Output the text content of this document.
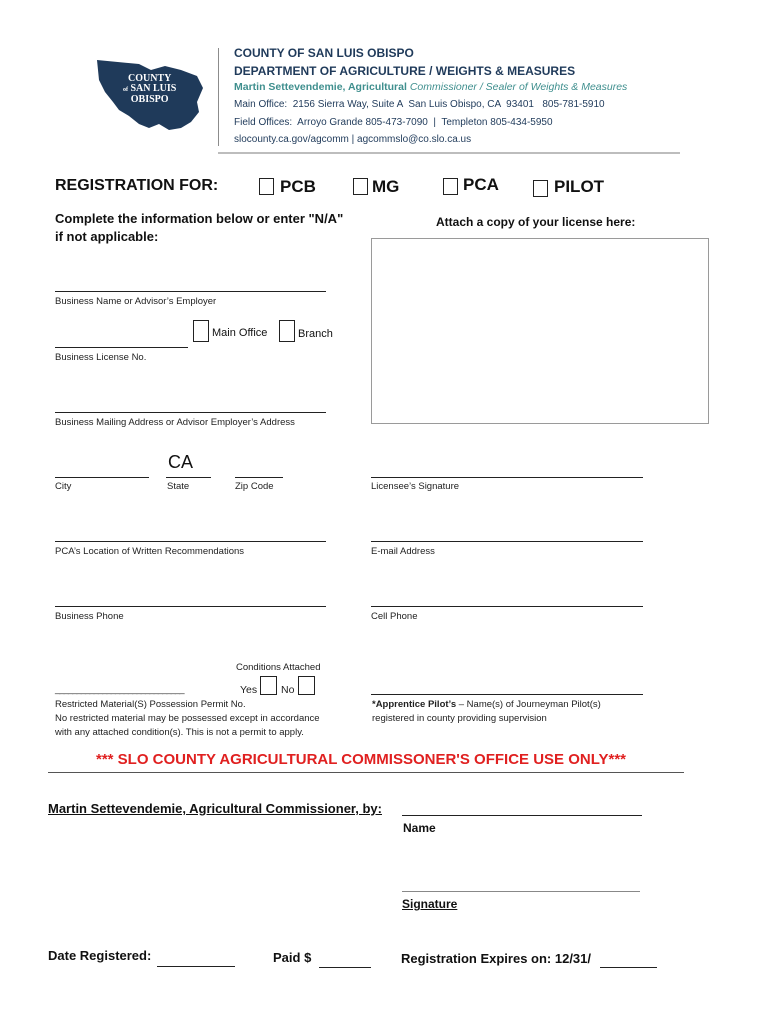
COUNTY
of SAN LUIS
OBISPO
COUNTY OF SAN LUIS OBISPO
DEPARTMENT OF AGRICULTURE / WEIGHTS & MEASURES
Martin Settevendemie, Agricultural Commissioner / Sealer of Weights & Measures
Main Office:  2156 Sierra Way, Suite A  San Luis Obispo, CA  93401   805-781-5910
Field Offices:  Arroyo Grande 805-473-7090  |  Templeton 805-434-5950
slocounty.ca.gov/agcomm | agcommslo@co.slo.ca.us
REGISTRATION FOR:	PCB	MG	PCA	PILOT
Complete the information below or enter "N/A"
if not applicable:
Attach a copy of your license here:
Business Name or Advisor’s Employer
Main Office	Branch
Business License No.
Business Mailing Address or Advisor Employer’s Address
CA
City	State	Zip Code
PCA’s Location of Written Recommendations
Business Phone
Licensee’s Signature
E-mail Address
Cell Phone
Conditions Attached
______________________________	Yes No
Restricted Material(S) Possession Permit No.
No restricted material may be possessed except in accordance
with any attached condition(s). This is not a permit to apply.
*Apprentice Pilot’s – Name(s) of Journeyman Pilot(s)
registered in county providing supervision
*** SLO COUNTY AGRICULTURAL COMMISSONER'S OFFICE USE ONLY***
Martin Settevendemie, Agricultural Commissioner, by:
Name
Signature
Date Registered:	Paid $	Registration Expires on: 12/31/
